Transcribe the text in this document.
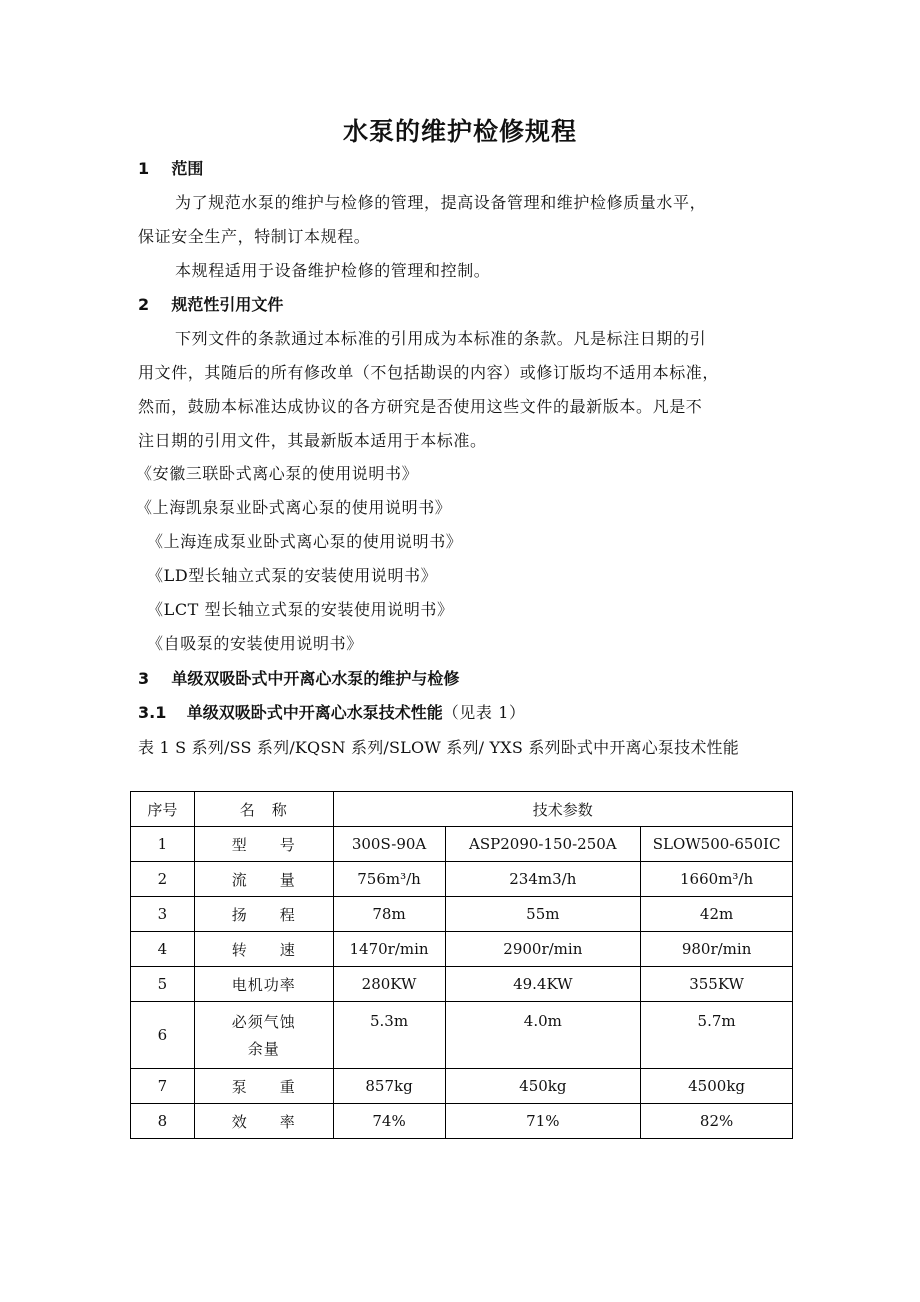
水泵的维护检修规程
1 范围
为了规范水泵的维护与检修的管理，提高设备管理和维护检修质量水平，
保证安全生产，特制订本规程。
本规程适用于设备维护检修的管理和控制。
2 规范性引用文件
下列文件的条款通过本标准的引用成为本标准的条款。凡是标注日期的引
用文件，其随后的所有修改单（不包括勘误的内容）或修订版均不适用本标准，
然而，鼓励本标准达成协议的各方研究是否使用这些文件的最新版本。凡是不
注日期的引用文件，其最新版本适用于本标准。
《安徽三联卧式离心泵的使用说明书》
《上海凯泉泵业卧式离心泵的使用说明书》
《上海连成泵业卧式离心泵的使用说明书》
《LD型长轴立式泵的安装使用说明书》
《LCT 型长轴立式泵的安装使用说明书》
《自吸泵的安装使用说明书》
3 单级双吸卧式中开离心水泵的维护与检修
3.1 单级双吸卧式中开离心水泵技术性能（见表 1）
表 1 S 系列/SS 系列/KQSN 系列/SLOW 系列/ YXS 系列卧式中开离心泵技术性能
序号	名　称	技术参数		
1	型　　号	300S-90A	ASP2090-150-250A	SLOW500-650IC
2	流　　量	756m³/h	234m3/h	1660m³/h
3	扬　　程	78m	55m	42m
4	转　　速	1470r/min	2900r/min	980r/min
5	电机功率	280KW	49.4KW	355KW
6	必须气蚀
余量	5.3m	4.0m	5.7m

7	泵　　重	857kg	450kg	4500kg
8	效　　率	74%	71%	82%
